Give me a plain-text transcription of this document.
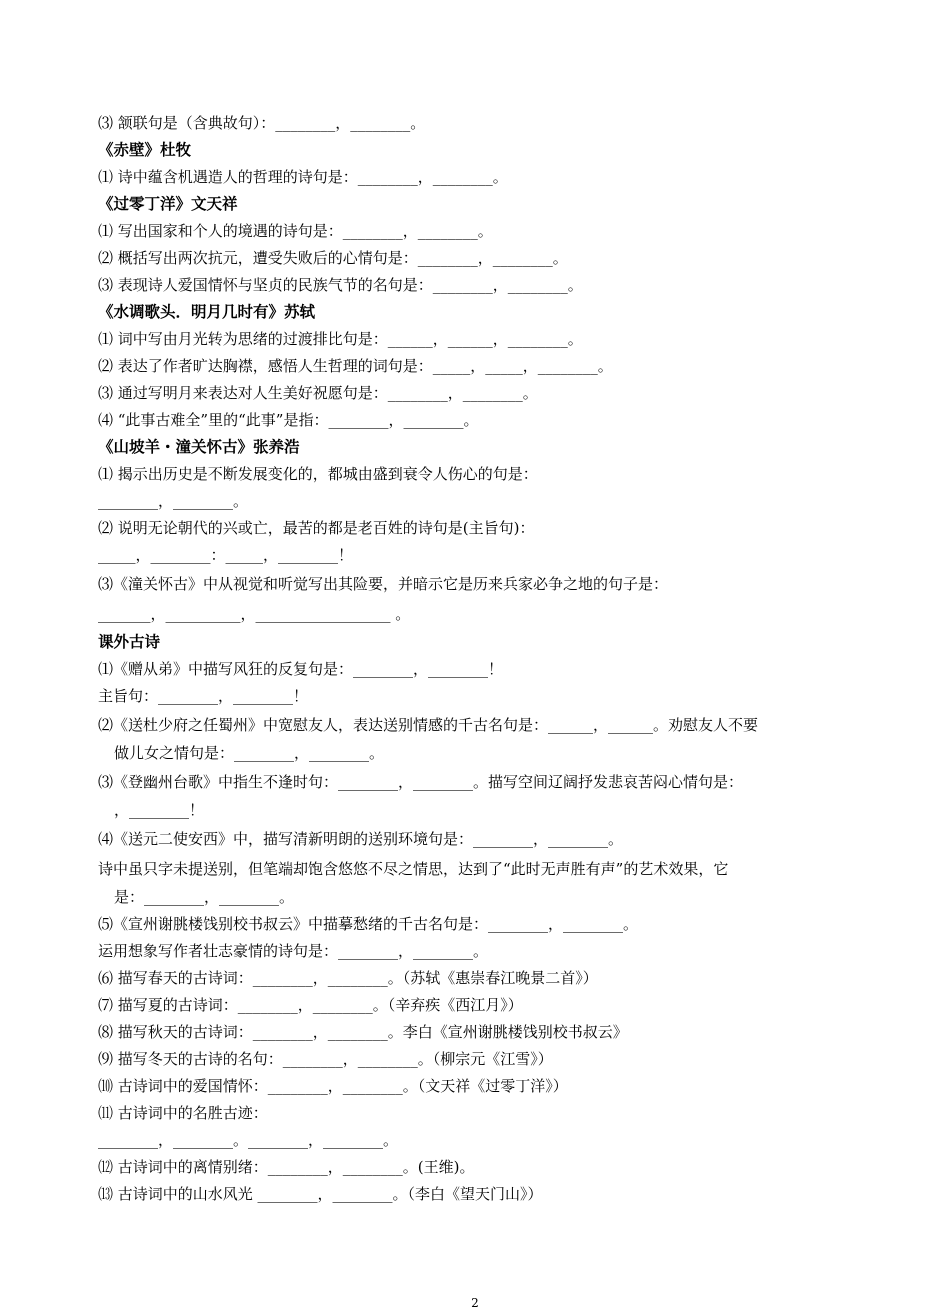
⑶ 颔联句是（含典故句）：________，________。
《赤壁》杜牧
⑴ 诗中蕴含机遇造人的哲理的诗句是：________，________。
《过零丁洋》文天祥
⑴ 写出国家和个人的境遇的诗句是：________，________。
⑵ 概括写出两次抗元，遭受失败后的心情句是：________，________。
⑶ 表现诗人爱国情怀与坚贞的民族气节的名句是：________，________。
《水调歌头．明月几时有》苏轼
⑴ 词中写由月光转为思绪的过渡排比句是：______，______，________。
⑵ 表达了作者旷达胸襟，感悟人生哲理的词句是：_____，_____，________。
⑶ 通过写明月来表达对人生美好祝愿句是：________，________。
⑷ “此事古难全”里的“此事”是指：________，________。
《山坡羊・潼关怀古》张养浩
⑴ 揭示出历史是不断发展变化的，都城由盛到衰令人伤心的句是：
________，________。
⑵ 说明无论朝代的兴或亡，最苦的都是老百姓的诗句是(主旨句)：
_____，________：_____，________！
⑶《潼关怀古》中从视觉和听觉写出其险要，并暗示它是历来兵家必争之地的句子是：
_______，__________，__________________ 。
课外古诗
⑴《赠从弟》中描写风狂的反复句是：________，________！
主旨句：________，________！
⑵《送杜少府之任蜀州》中宽慰友人，表达送别情感的千古名句是：______，______。劝慰友人不要
做儿女之情句是：________，________。
⑶《登幽州台歌》中指生不逢时句：________，________。描写空间辽阔抒发悲哀苦闷心情句是：
，________！
⑷《送元二使安西》中，描写清新明朗的送别环境句是：________，________。
诗中虽只字未提送别，但笔端却饱含悠悠不尽之情思，达到了“此时无声胜有声”的艺术效果，它
是：________，________。
⑸《宣州谢朓楼饯别校书叔云》中描摹愁绪的千古名句是：________，________。
运用想象写作者壮志豪情的诗句是：________，________。
⑹ 描写春天的古诗词：________，________。（苏轼《惠崇春江晚景二首》）
⑺ 描写夏的古诗词：________，________。（辛弃疾《西江月》）
⑻ 描写秋天的古诗词：________，________。李白《宣州谢朓楼饯别校书叔云》
⑼ 描写冬天的古诗的名句：________，________。（柳宗元《江雪》）
⑽ 古诗词中的爱国情怀：________，________。（文天祥《过零丁洋》）
⑾ 古诗词中的名胜古迹：
________，________。________，________。
⑿ 古诗词中的离情别绪：________，________。(王维)。
⒀ 古诗词中的山水风光 ________，________。（李白《望天门山》）
2
